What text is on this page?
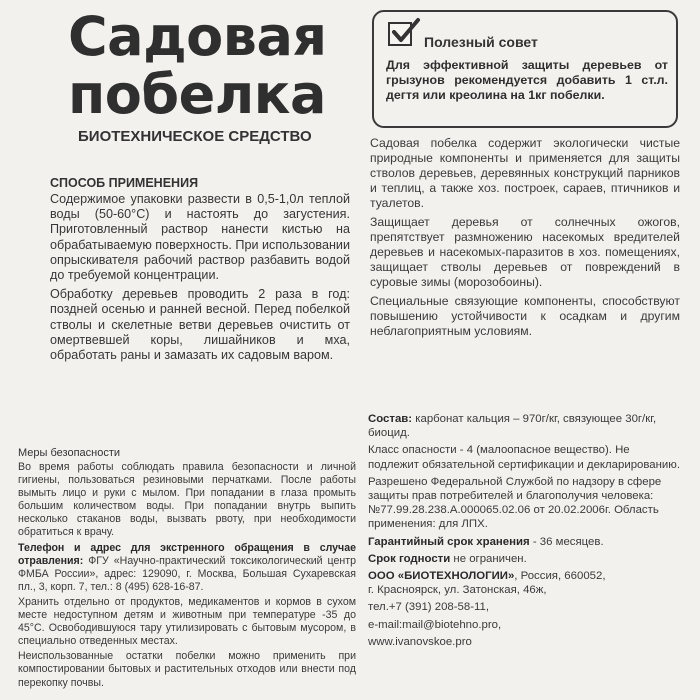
Садовая
побелка
БИОТЕХНИЧЕСКОЕ СРЕДСТВО
Полезный совет

Для эффективной защиты деревьев от грызунов рекомендуется добавить 1 ст.л. дегтя или креолина на 1кг побелки.

СПОСОБ ПРИМЕНЕНИЯ

Содержимое упаковки развести в 0,5-1,0л теплой воды (50-60°С) и настоять до загустения. Приготовленный раствор нанести кистью на обрабатываемую поверхность. При использовании опрыскивателя рабочий раствор разбавить водой до требуемой концентрации.

Обработку деревьев проводить 2 раза в год: поздней осенью и ранней весной. Перед побелкой стволы и скелетные ветви деревьев очистить от омертвевшей коры, лишайников и мха, обработать раны и замазать их садовым варом.

Садовая побелка содержит экологически чистые природные компоненты и применяется для защиты стволов деревьев, деревянных конструкций парников и теплиц, а также хоз. построек, сараев, птичников и туалетов.

Защищает деревья от солнечных ожогов, препятствует размножению насекомых вредителей деревьев и насекомых-паразитов в хоз. помещениях, защищает стволы деревьев от повреждений в суровые зимы (морозобоины).

Специальные связующие компоненты, способствуют повышению устойчивости к осадкам и другим неблагоприятным условиям.

Меры безопасности

Во время работы соблюдать правила безопасности и личной гигиены, пользоваться резиновыми перчатками. После работы вымыть лицо и руки с мылом. При попадании в глаза промыть большим количеством воды. При попадании внутрь выпить несколько стаканов воды, вызвать рвоту, при необходимости обратиться к врачу.

Телефон и адрес для экстренного обращения в случае отравления: ФГУ «Научно-практический токсикологический центр ФМБА России», адрес: 129090, г. Москва, Большая Сухаревская пл., 3, корп. 7, тел.: 8 (495) 628-16-87.

Хранить отдельно от продуктов, медикаментов и кормов в сухом месте недоступном детям и животным при температуре -35 до 45°С. Освободившуюся тару утилизировать с бытовым мусором, в специально отведенных местах.

Неиспользованные остатки побелки можно применить при компостировании бытовых и растительных отходов или внести под перекопку почвы.

Состав: карбонат кальция – 970г/кг, связующее 30г/кг, биоцид.

Класс опасности - 4 (малоопасное вещество). Не подлежит обязательной сертификации и декларированию.

Разрешено Федеральной Службой по надзору в сфере защиты прав потребителей и благополучия человека: №77.99.28.238.А.000065.02.06 от 20.02.2006г. Область применения: для ЛПХ.

Гарантийный срок хранения - 36 месяцев.

Срок годности не ограничен.

ООО «БИОТЕХНОЛОГИИ», Россия, 660052,

г. Красноярск, ул. Затонская, 46ж,

тел.+7 (391) 208-58-11,

e-mail:mail@biotehno.pro,

www.ivanovskoe.pro
